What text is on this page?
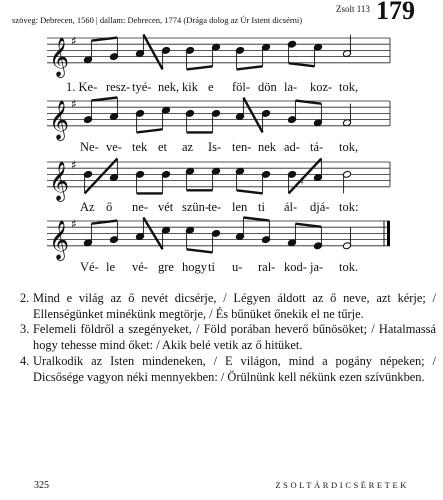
Zsolt 113 179
szöveg: Debrecen, 1560 | dallam: Debrecen, 1774 (Drága dolog az Úr Istent dicsérni)
𝄞 ♯
𝄞 ♯
𝄞 ♯
♮
𝄞 ♯
1. Ke- resz- tyé- nek, kik e föl- dön la- koz- tok,
Ne- ve- tek et az Is- ten- nek ad- tá- tok,
Az ő ne- vét szün-
te- len ti ál- djá- tok:
Vé- le vé- gre hogy ti u- ral- kod- ja- tok.

2. Mind e világ az ő nevét dicsérje, / Légyen áldott az ő neve, azt kérje; / Ellenségünket minékünk megtörje, / És bűnüket őnekik el ne tűrje.

3. Felemeli földről a szegényeket, / Föld porában heverő bűnösöket; / Hatalmassá hogy tehesse mind őket: / Akik belé vetik az ő hitüket.

4. Uralkodik az Isten mindeneken, / E világon, mind a pogány népeken; / Dicsősége vagyon néki mennyekben: / Örülnünk kell nékünk ezen szívünkben.

325	ZSOLTÁRDICSÉRETEK
